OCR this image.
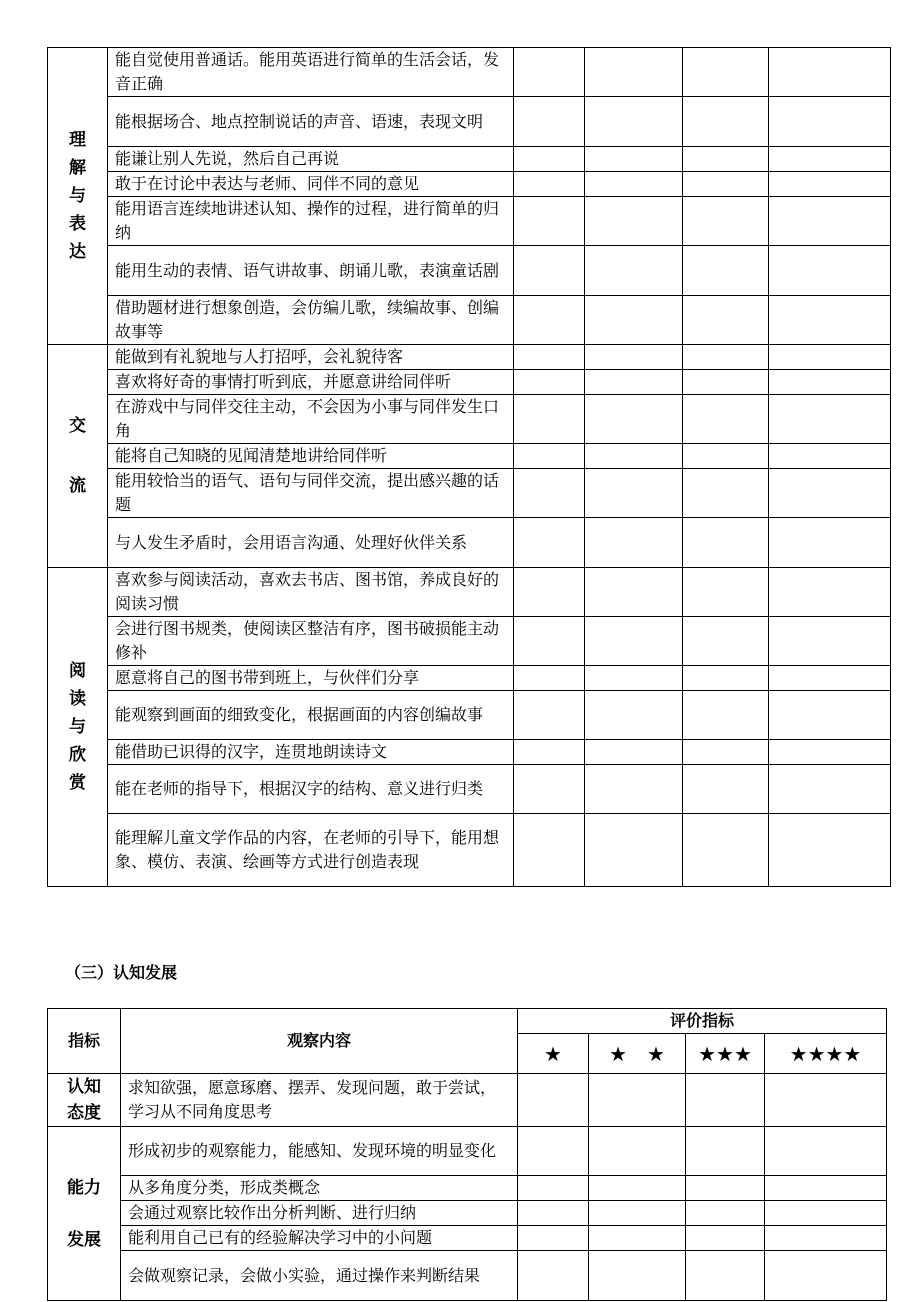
理解与表达	能自觉使用普通话。能用英语进行简单的生活会话，发音正确				
	能根据场合、地点控制说话的声音、语速，表现文明				
	能谦让别人先说，然后自己再说				
	敢于在讨论中表达与老师、同伴不同的意见				
	能用语言连续地讲述认知、操作的过程，进行简单的归纳				
	能用生动的表情、语气讲故事、朗诵儿歌，表演童话剧				
	借助题材进行想象创造，会仿编儿歌，续编故事、创编故事等				
交流	能做到有礼貌地与人打招呼，会礼貌待客				
	喜欢将好奇的事情打听到底，并愿意讲给同伴听				
	在游戏中与同伴交往主动，不会因为小事与同伴发生口角				
	能将自己知晓的见闻清楚地讲给同伴听				
	能用较恰当的语气、语句与同伴交流，提出感兴趣的话题				
	与人发生矛盾时，会用语言沟通、处理好伙伴关系				
阅读与欣赏	喜欢参与阅读活动，喜欢去书店、图书馆，养成良好的阅读习惯				
	会进行图书规类，使阅读区整洁有序，图书破损能主动修补				
	愿意将自己的图书带到班上，与伙伴们分享				
	能观察到画面的细致变化，根据画面的内容创编故事				
	能借助已识得的汉字，连贯地朗读诗文				
	能在老师的指导下，根据汉字的结构、意义进行归类				
	能理解儿童文学作品的内容，在老师的引导下，能用想象、模仿、表演、绘画等方式进行创造表现				
（三）认知发展
指标	观察内容	评价指标			
		★	★　★	★★★	★★★★
认知态度	求知欲强，愿意琢磨、摆弄、发现问题，敢于尝试，学习从不同角度思考				
能力发展	形成初步的观察能力，能感知、发现环境的明显变化				
	从多角度分类，形成类概念				
	会通过观察比较作出分析判断、进行归纳				
	能利用自己已有的经验解决学习中的小问题				
	会做观察记录，会做小实验，通过操作来判断结果				
